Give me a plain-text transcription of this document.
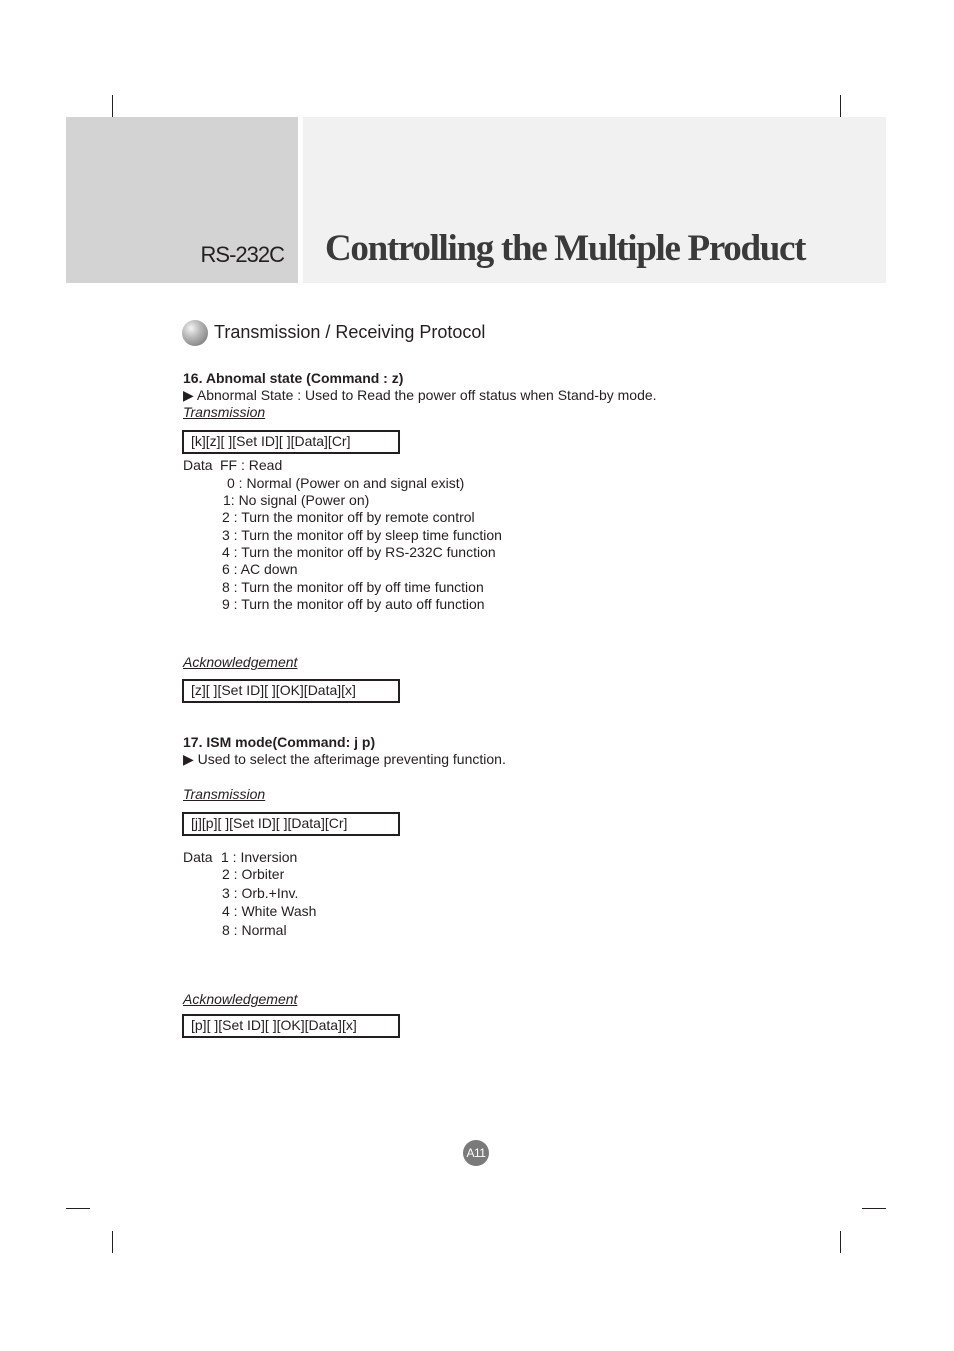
RS-232C Controlling the Multiple Product
Transmission / Receiving Protocol
16. Abnomal state (Command : z)
▶ Abnormal State : Used to Read the power off status when Stand-by mode.
Transmission
[k][z][ ][Set ID][ ][Data][Cr]
Data FF : Read
0 : Normal (Power on and signal exist)
1: No signal (Power on)
2 : Turn the monitor off by remote control
3 : Turn the monitor off by sleep time function
4 : Turn the monitor off by RS-232C function
6 : AC down
8 : Turn the monitor off by off time function
9 : Turn the monitor off by auto off function
Acknowledgement
[z][ ][Set ID][ ][OK][Data][x]
17. ISM mode(Command: j p)
▶ Used to select the afterimage preventing function.
Transmission
[j][p][ ][Set ID][ ][Data][Cr]
Data 1 : Inversion
2 : Orbiter
3 : Orb.+Inv.
4 : White Wash
8 : Normal
Acknowledgement
[p][ ][Set ID][ ][OK][Data][x]
A11
